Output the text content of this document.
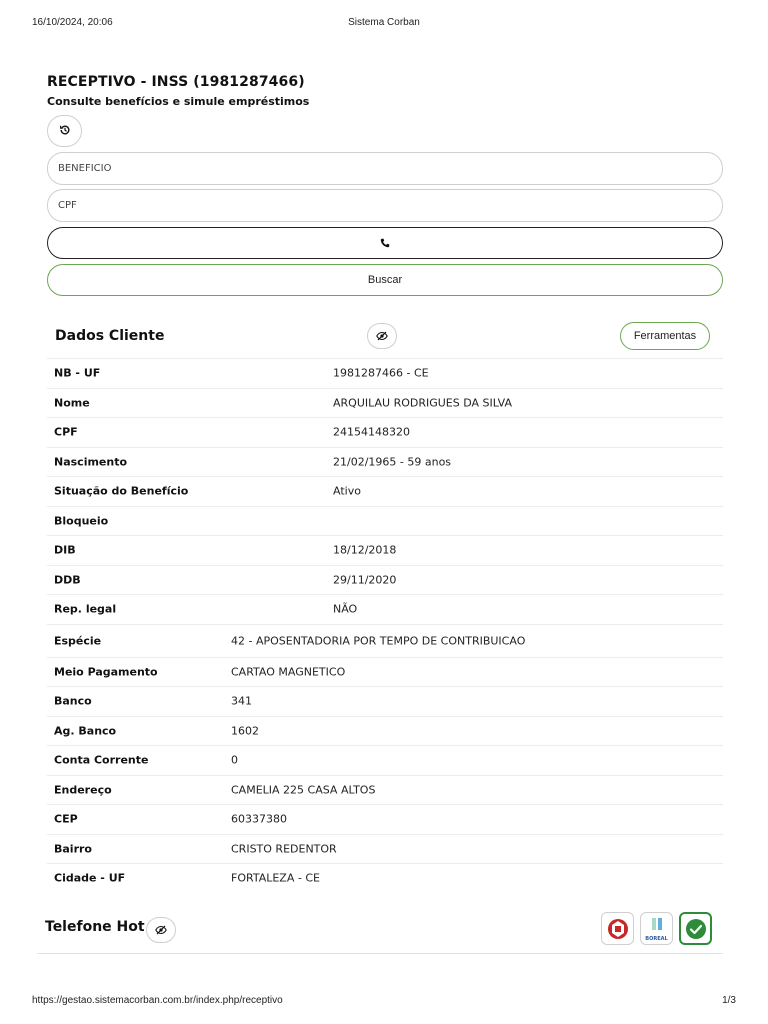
16/10/2024, 20:06	Sistema Corban
RECEPTIVO - INSS (1981287466)
Consulte benefícios e simule empréstimos
BENEFICIO
CPF
Buscar
Dados Cliente	Ferramentas
NB - UF	1981287466 - CE
Nome	ARQUILAU RODRIGUES DA SILVA
CPF	24154148320
Nascimento	21/02/1965 - 59 anos
Situação do Benefício	Ativo
Bloqueio
DIB	18/12/2018
DDB	29/11/2020
Rep. legal	NÃO
Espécie	42 - APOSENTADORIA POR TEMPO DE CONTRIBUICAO
Meio Pagamento	CARTAO MAGNETICO
Banco	341
Ag. Banco	1602
Conta Corrente	0
Endereço	CAMELIA 225 CASA ALTOS
CEP	60337380
Bairro	CRISTO REDENTOR
Cidade - UF	FORTALEZA - CE
Telefone Hot
BOREAL
https://gestao.sistemacorban.com.br/index.php/receptivo	1/3
